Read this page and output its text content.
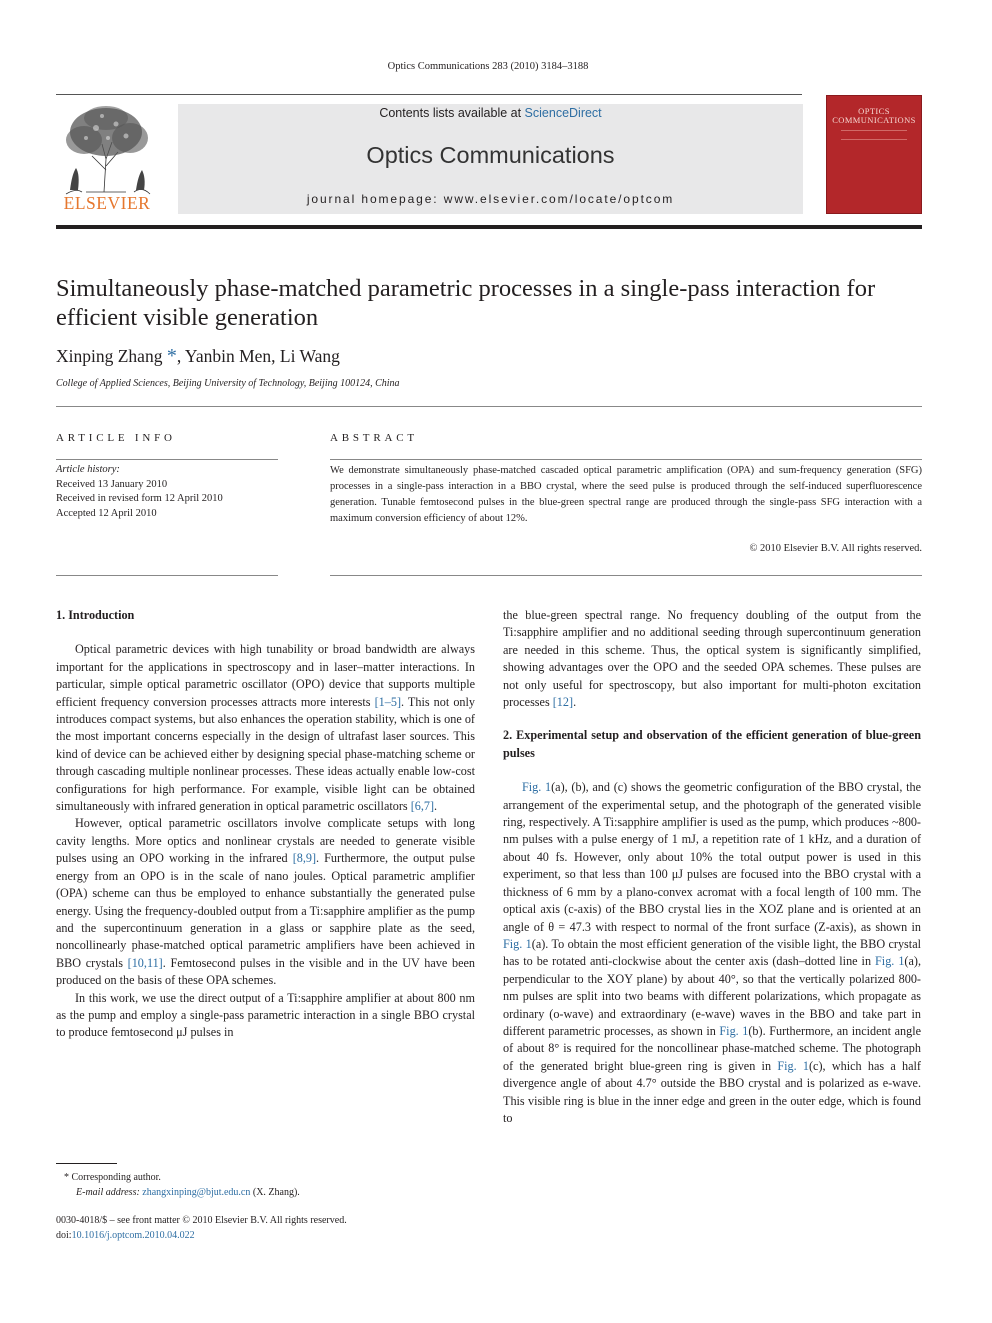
Optics Communications 283 (2010) 3184–3188
ELSEVIER
Contents lists available at ScienceDirect
Optics Communications
journal homepage: www.elsevier.com/locate/optcom
OPTICS
COMMUNICATIONS
Simultaneously phase-matched parametric processes in a single-pass interaction for efficient visible generation
Xinping Zhang *, Yanbin Men, Li Wang
College of Applied Sciences, Beijing University of Technology, Beijing 100124, China
ARTICLE INFO	ABSTRACT
Article history:
Received 13 January 2010
Received in revised form 12 April 2010
Accepted 12 April 2010
We demonstrate simultaneously phase-matched cascaded optical parametric amplification (OPA) and sum-frequency generation (SFG) processes in a single-pass interaction in a BBO crystal, where the seed pulse is produced through the self-induced superfluorescence generation. Tunable femtosecond pulses in the blue-green spectral range are produced through the single-pass SFG interaction with a maximum conversion efficiency of about 12%.
© 2010 Elsevier B.V. All rights reserved.
1. Introduction

Optical parametric devices with high tunability or broad bandwidth are always important for the applications in spectroscopy and in laser–matter interactions. In particular, simple optical parametric oscillator (OPO) device that supports multiple efficient frequency conversion processes attracts more interests [1–5]. This not only introduces compact systems, but also enhances the operation stability, which is one of the most important concerns especially in the design of ultrafast laser sources. This kind of device can be achieved either by designing special phase-matching scheme or through cascading multiple nonlinear processes. These ideas actually enable low-cost configurations for high performance. For example, visible light can be obtained simultaneously with infrared generation in optical parametric oscillators [6,7].

However, optical parametric oscillators involve complicate setups with long cavity lengths. More optics and nonlinear crystals are needed to generate visible pulses using an OPO working in the infrared [8,9]. Furthermore, the output pulse energy from an OPO is in the scale of nano joules. Optical parametric amplifier (OPA) scheme can thus be employed to enhance substantially the generated pulse energy. Using the frequency-doubled output from a Ti:sapphire amplifier as the pump and the supercontinuum generation in a glass or sapphire plate as the seed, noncollinearly phase-matched optical parametric amplifiers have been achieved in BBO crystals [10,11]. Femtosecond pulses in the visible and in the UV have been produced on the basis of these OPA schemes.

In this work, we use the direct output of a Ti:sapphire amplifier at about 800 nm as the pump and employ a single-pass parametric interaction in a single BBO crystal to produce femtosecond μJ pulses in

the blue-green spectral range. No frequency doubling of the output from the Ti:sapphire amplifier and no additional seeding through supercontinuum generation are needed in this scheme. Thus, the optical system is significantly simplified, showing advantages over the OPO and the seeded OPA schemes. These pulses are not only useful for spectroscopy, but also important for multi-photon excitation processes [12].

2. Experimental setup and observation of the efficient generation of blue-green pulses

Fig. 1(a), (b), and (c) shows the geometric configuration of the BBO crystal, the arrangement of the experimental setup, and the photograph of the generated visible ring, respectively. A Ti:sapphire amplifier is used as the pump, which produces ~800-nm pulses with a pulse energy of 1 mJ, a repetition rate of 1 kHz, and a duration of about 40 fs. However, only about 10% the total output power is used in this experiment, so that less than 100 μJ pulses are focused into the BBO crystal with a thickness of 6 mm by a plano-convex acromat with a focal length of 100 mm. The optical axis (c-axis) of the BBO crystal lies in the XOZ plane and is oriented at an angle of θ = 47.3 with respect to normal of the front surface (Z-axis), as shown in Fig. 1(a). To obtain the most efficient generation of the visible light, the BBO crystal has to be rotated anti-clockwise about the center axis (dash–dotted line in Fig. 1(a), perpendicular to the XOY plane) by about 40°, so that the vertically polarized 800-nm pulses are split into two beams with different polarizations, which propagate as ordinary (o-wave) and extraordinary (e-wave) waves in the BBO and take part in different parametric processes, as shown in Fig. 1(b). Furthermore, an incident angle of about 8° is required for the noncollinear phase-matched scheme. The photograph of the generated bright blue-green ring is given in Fig. 1(c), which has a half divergence angle of about 4.7° outside the BBO crystal and is polarized as e-wave. This visible ring is blue in the inner edge and green in the outer edge, which is found to

* Corresponding author.
E-mail address: zhangxinping@bjut.edu.cn (X. Zhang).
0030-4018/$ – see front matter © 2010 Elsevier B.V. All rights reserved.
doi:10.1016/j.optcom.2010.04.022
